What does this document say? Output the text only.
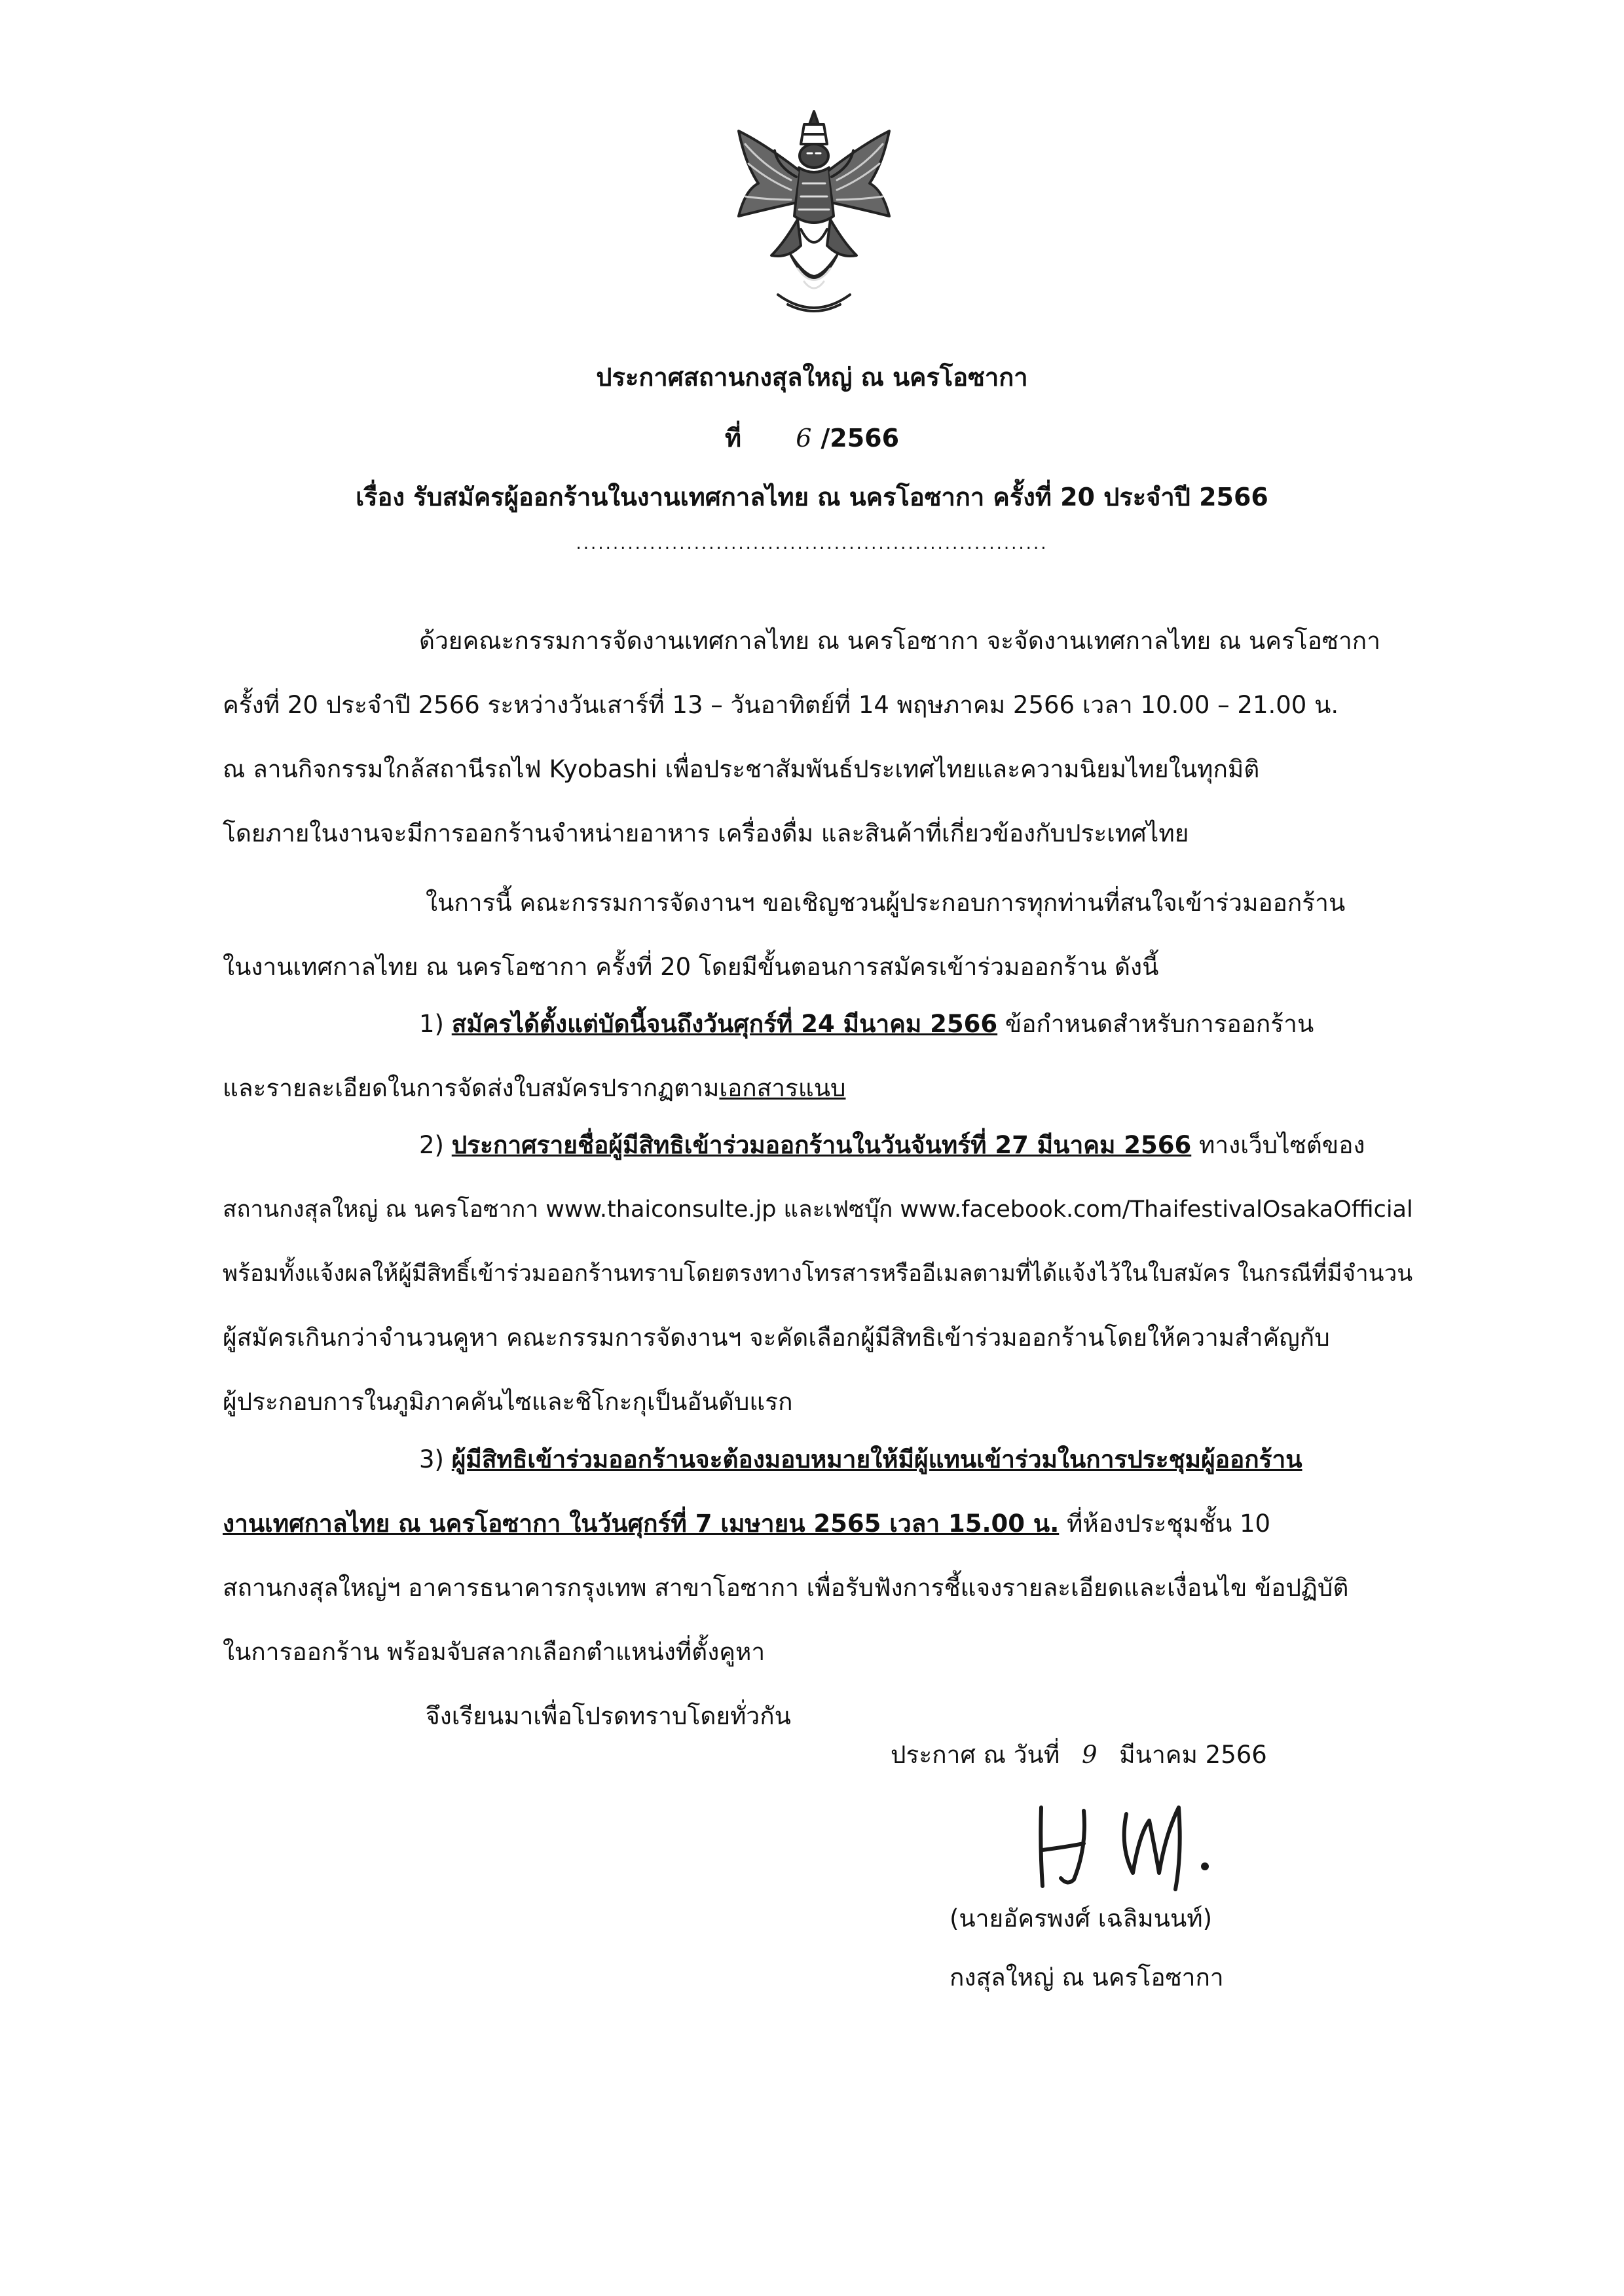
ประกาศสถานกงสุลใหญ่ ณ นครโอซากา
ที่ 6 /2566
เรื่อง รับสมัครผู้ออกร้านในงานเทศกาลไทย ณ นครโอซากา ครั้งที่ 20 ประจำปี 2566
................................................................
ด้วยคณะกรรมการจัดงานเทศกาลไทย ณ นครโอซากา จะจัดงานเทศกาลไทย ณ นครโอซากา
ครั้งที่ 20 ประจำปี 2566 ระหว่างวันเสาร์ที่ 13 – วันอาทิตย์ที่ 14 พฤษภาคม 2566 เวลา 10.00 – 21.00 น.
ณ ลานกิจกรรมใกล้สถานีรถไฟ Kyobashi เพื่อประชาสัมพันธ์ประเทศไทยและความนิยมไทยในทุกมิติ
โดยภายในงานจะมีการออกร้านจำหน่ายอาหาร เครื่องดื่ม และสินค้าที่เกี่ยวข้องกับประเทศไทย
ในการนี้ คณะกรรมการจัดงานฯ ขอเชิญชวนผู้ประกอบการทุกท่านที่สนใจเข้าร่วมออกร้าน
ในงานเทศกาลไทย ณ นครโอซากา ครั้งที่ 20 โดยมีขั้นตอนการสมัครเข้าร่วมออกร้าน ดังนี้
1) สมัครได้ตั้งแต่บัดนี้จนถึงวันศุกร์ที่ 24 มีนาคม 2566 ข้อกำหนดสำหรับการออกร้าน
และรายละเอียดในการจัดส่งใบสมัครปรากฏตามเอกสารแนบ
2) ประกาศรายชื่อผู้มีสิทธิเข้าร่วมออกร้านในวันจันทร์ที่ 27 มีนาคม 2566 ทางเว็บไซต์ของ
สถานกงสุลใหญ่ ณ นครโอซากา www.thaiconsulte.jp และเฟซบุ๊ก www.facebook.com/ThaifestivalOsakaOfficial
พร้อมทั้งแจ้งผลให้ผู้มีสิทธิ์เข้าร่วมออกร้านทราบโดยตรงทางโทรสารหรืออีเมลตามที่ได้แจ้งไว้ในใบสมัคร ในกรณีที่มีจำนวน
ผู้สมัครเกินกว่าจำนวนคูหา คณะกรรมการจัดงานฯ จะคัดเลือกผู้มีสิทธิเข้าร่วมออกร้านโดยให้ความสำคัญกับ
ผู้ประกอบการในภูมิภาคคันไซและชิโกะกุเป็นอันดับแรก
3) ผู้มีสิทธิเข้าร่วมออกร้านจะต้องมอบหมายให้มีผู้แทนเข้าร่วมในการประชุมผู้ออกร้าน
งานเทศกาลไทย ณ นครโอซากา ในวันศุกร์ที่ 7 เมษายน 2565 เวลา 15.00 น. ที่ห้องประชุมชั้น 10
สถานกงสุลใหญ่ฯ อาคารธนาคารกรุงเทพ สาขาโอซากา เพื่อรับฟังการชี้แจงรายละเอียดและเงื่อนไข ข้อปฏิบัติ
ในการออกร้าน พร้อมจับสลากเลือกตำแหน่งที่ตั้งคูหา
จึงเรียนมาเพื่อโปรดทราบโดยทั่วกัน
ประกาศ ณ วันที่ 9 มีนาคม 2566
(นายอัครพงศ์ เฉลิมนนท์)
กงสุลใหญ่ ณ นครโอซากา
